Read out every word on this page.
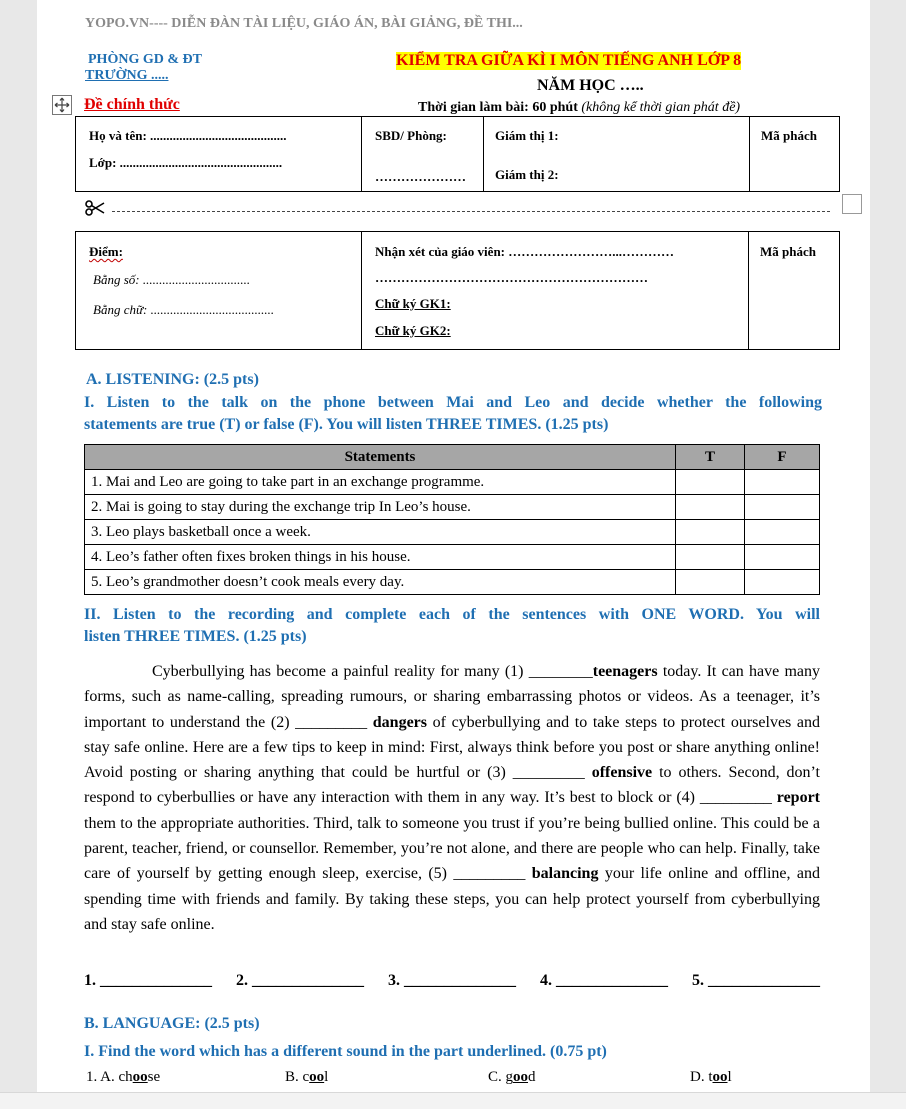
YOPO.VN---- DIỄN ĐÀN TÀI LIỆU, GIÁO ÁN, BÀI GIẢNG, ĐỀ THI...
PHÒNG GD & ĐT
TRƯỜNG .....
KIỂM TRA GIỮA KÌ I MÔN TIẾNG ANH LỚP 8
NĂM HỌC …..
Đề chính thức	Thời gian làm bài: 60 phút (không kể thời gian phát đề)
Họ và tên: ..........................................
Lớp: ..................................................

SBD/ Phòng:
…………………

Giám thị 1:
Giám thị 2:

Mã phách
Điểm:
Bằng số: .................................
Bằng chữ: ......................................

Nhận xét của giáo viên: ……………………...…………
………………………………………………………
Chữ ký GK1:
Chữ ký GK2:

Mã phách
A. LISTENING: (2.5 pts)
I. Listen to the talk on the phone between Mai and Leo and decide whether the following
statements are true (T) or false (F). You will listen THREE TIMES. (1.25 pts)
Statements	T	F
1. Mai and Leo are going to take part in an exchange programme.		
2. Mai is going to stay during the exchange trip In Leo’s house.		
3. Leo plays basketball once a week.		
4. Leo’s father often fixes broken things in his house.		
5. Leo’s grandmother doesn’t cook meals every day.		
II. Listen to the recording and complete each of the sentences with ONE WORD. You will
listen THREE TIMES. (1.25 pts)

Cyberbullying has become a painful reality for many (1) ________teenagers today. It can have many forms, such as name-calling, spreading rumours, or sharing embarrassing photos or videos. As a teenager, it’s important to understand the (2) _________ dangers of cyberbullying and to take steps to protect ourselves and stay safe online. Here are a few tips to keep in mind: First, always think before you post or share anything online! Avoid posting or sharing anything that could be hurtful or (3) _________ offensive to others. Second, don’t respond to cyberbullies or have any interaction with them in any way. It’s best to block or (4) _________ report them to the appropriate authorities. Third, talk to someone you trust if you’re being bullied online. This could be a parent, teacher, friend, or counsellor. Remember, you’re not alone, and there are people who can help. Finally, take care of yourself by getting enough sleep, exercise, (5) _________ balancing your life online and offline, and spending time with friends and family. By taking these steps, you can help protect yourself from cyberbullying and stay safe online.

1. ______________ 2. ______________ 3. ______________ 4. ______________ 5. ______________
B. LANGUAGE: (2.5 pts)
I. Find the word which has a different sound in the part underlined. (0.75 pt)
1. A. choose	B. cool	C. good	D. tool
